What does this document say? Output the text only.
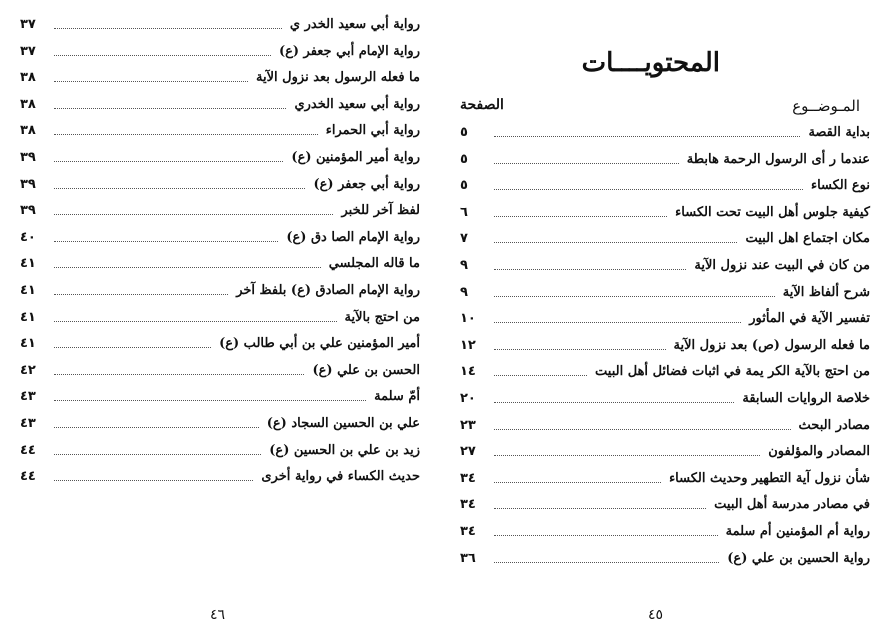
رواية أبي سعيد الخدر ي
٣٧
رواية الإمام أبي جعفر (ع)
٣٧
ما فعله الرسول بعد نزول الآية
٣٨
رواية أبي سعيد الخدري
٣٨
رواية أبي الحمراء
٣٨
رواية أمير المؤمنين (ع)
٣٩
رواية أبي جعفر (ع)
٣٩
لفظ آخر للخبر
٣٩
رواية الإمام الصا دق (ع)
٤٠
ما قاله المجلسي
٤١
رواية الإمام الصادق (ع) بلفظ آخر
٤١
من احتج بالآية
٤١
أمير المؤمنين علي بن أبي طالب (ع)
٤١
الحسن بن علي (ع)
٤٢
أمّ سلمة
٤٣
علي بن الحسين السجاد (ع)
٤٣
زيد بن علي بن الحسين (ع)
٤٤
حديث الكساء في رواية أخرى
٤٤
٤٦
المحتويــــات
المـوضــوع
الصفحة
بداية القصة
٥
عندما ر أى الرسول الرحمة هابطة
٥
نوع الكساء
٥
كيفية جلوس أهل البيت تحت الكساء
٦
مكان اجتماع اهل البيت
٧
من كان في البيت عند نزول الآية
٩
شرح ألفاظ الآية
٩
تفسير الآية في المأثور
١٠
ما فعله الرسول (ص) بعد نزول الآية
١٢
من احتج بالآية الكر يمة في اثبات فضائل أهل البيت
١٤
خلاصة الروايات السابقة
٢٠
مصادر البحث
٢٣
المصادر والمؤلفون
٢٧
شأن نزول آية التطهير وحديث الكساء
٣٤
في مصادر مدرسة أهل البيت
٣٤
رواية أم المؤمنين أم سلمة
٣٤
رواية الحسين بن علي (ع)
٣٦
٤٥
